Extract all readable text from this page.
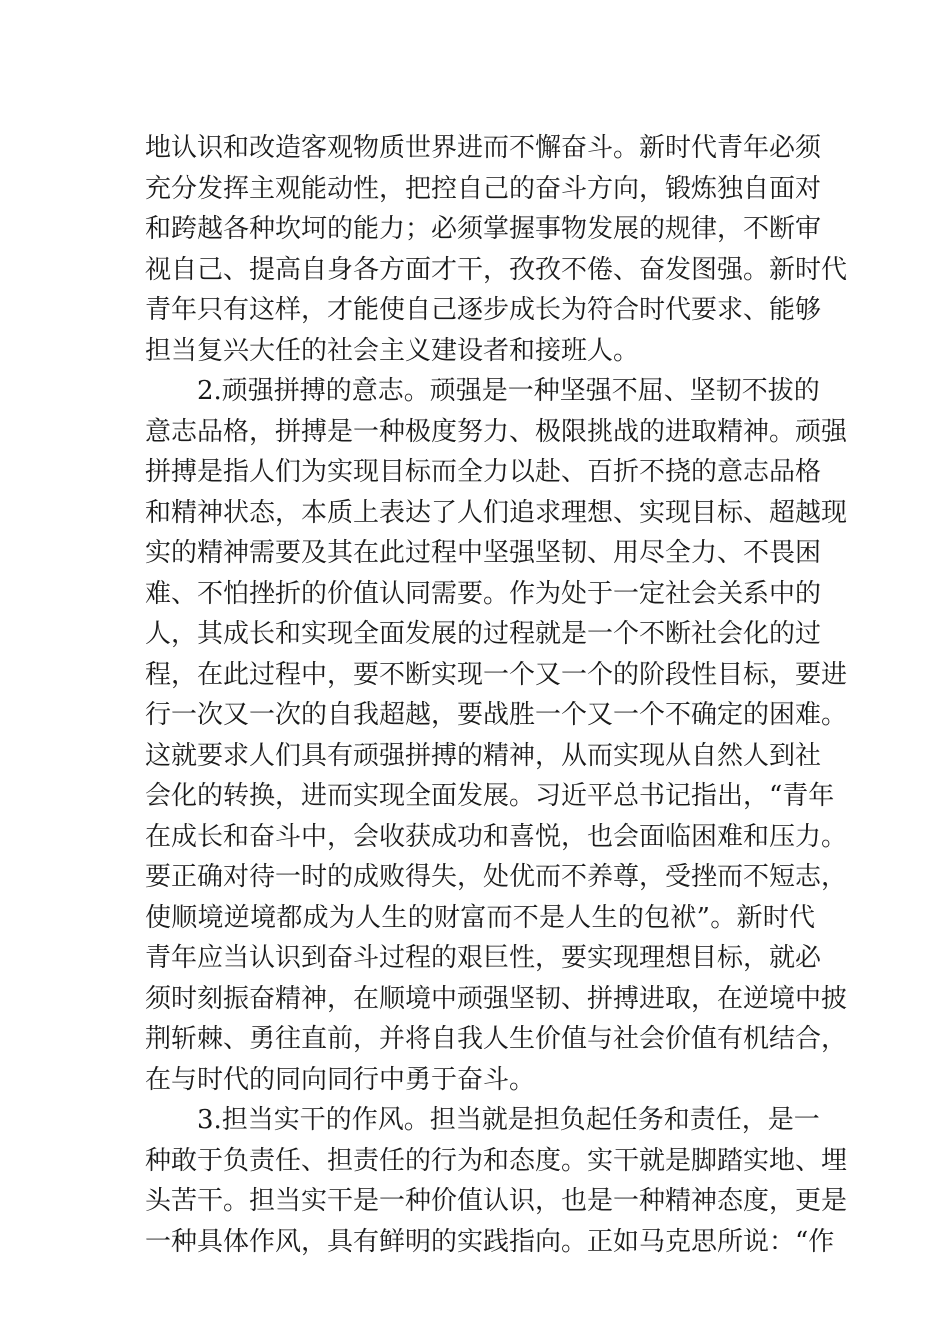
地认识和改造客观物质世界进而不懈奋斗。新时代青年必须
充分发挥主观能动性，把控自己的奋斗方向，锻炼独自面对
和跨越各种坎坷的能力；必须掌握事物发展的规律，不断审
视自己、提高自身各方面才干，孜孜不倦、奋发图强。新时代
青年只有这样，才能使自己逐步成长为符合时代要求、能够
担当复兴大任的社会主义建设者和接班人。
2.顽强拼搏的意志。顽强是一种坚强不屈、坚韧不拔的
意志品格，拼搏是一种极度努力、极限挑战的进取精神。顽强
拼搏是指人们为实现目标而全力以赴、百折不挠的意志品格
和精神状态，本质上表达了人们追求理想、实现目标、超越现
实的精神需要及其在此过程中坚强坚韧、用尽全力、不畏困
难、不怕挫折的价值认同需要。作为处于一定社会关系中的
人，其成长和实现全面发展的过程就是一个不断社会化的过
程，在此过程中，要不断实现一个又一个的阶段性目标，要进
行一次又一次的自我超越，要战胜一个又一个不确定的困难。
这就要求人们具有顽强拼搏的精神，从而实现从自然人到社
会化的转换，进而实现全面发展。习近平总书记指出，“青年
在成长和奋斗中，会收获成功和喜悦，也会面临困难和压力。
要正确对待一时的成败得失，处优而不养尊，受挫而不短志，
使顺境逆境都成为人生的财富而不是人生的包袱”。新时代
青年应当认识到奋斗过程的艰巨性，要实现理想目标，就必
须时刻振奋精神，在顺境中顽强坚韧、拼搏进取，在逆境中披
荆斩棘、勇往直前，并将自我人生价值与社会价值有机结合，
在与时代的同向同行中勇于奋斗。
3.担当实干的作风。担当就是担负起任务和责任，是一
种敢于负责任、担责任的行为和态度。实干就是脚踏实地、埋
头苦干。担当实干是一种价值认识，也是一种精神态度，更是
一种具体作风，具有鲜明的实践指向。正如马克思所说：“作
